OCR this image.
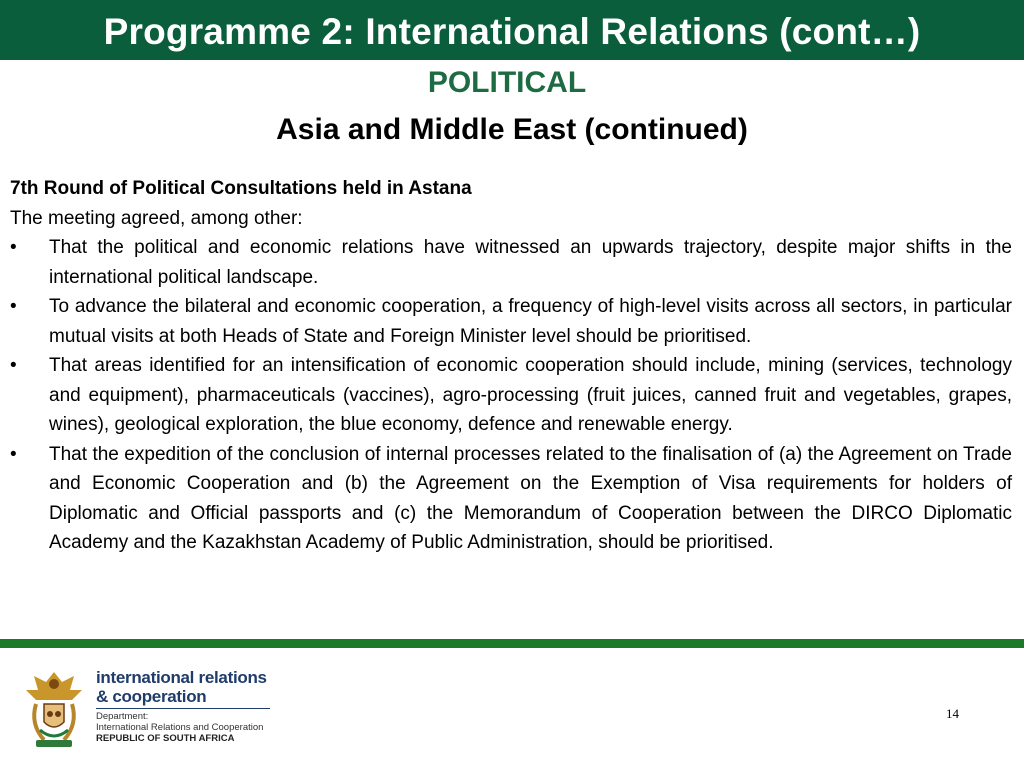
Programme 2: International Relations (cont…)
POLITICAL
Asia and Middle East (continued)
7th Round of Political Consultations held in Astana
The meeting agreed, among other:
• That the political and economic relations have witnessed an upwards trajectory, despite major shifts in the international political landscape.
• To advance the bilateral and economic cooperation, a frequency of high-level visits across all sectors, in particular mutual visits at both Heads of State and Foreign Minister level should be prioritised.
• That areas identified for an intensification of economic cooperation should include, mining (services, technology and equipment), pharmaceuticals (vaccines), agro-processing (fruit juices, canned fruit and vegetables, grapes, wines), geological exploration, the blue economy, defence and renewable energy.
• That the expedition of the conclusion of internal processes related to the finalisation of (a) the Agreement on Trade and Economic Cooperation and (b) the Agreement on the Exemption of Visa requirements for holders of Diplomatic and Official passports and (c) the Memorandum of Cooperation between the DIRCO Diplomatic Academy and the Kazakhstan Academy of Public Administration, should be prioritised.
international relations
& cooperation
Department:
International Relations and Cooperation
REPUBLIC OF SOUTH AFRICA
14
